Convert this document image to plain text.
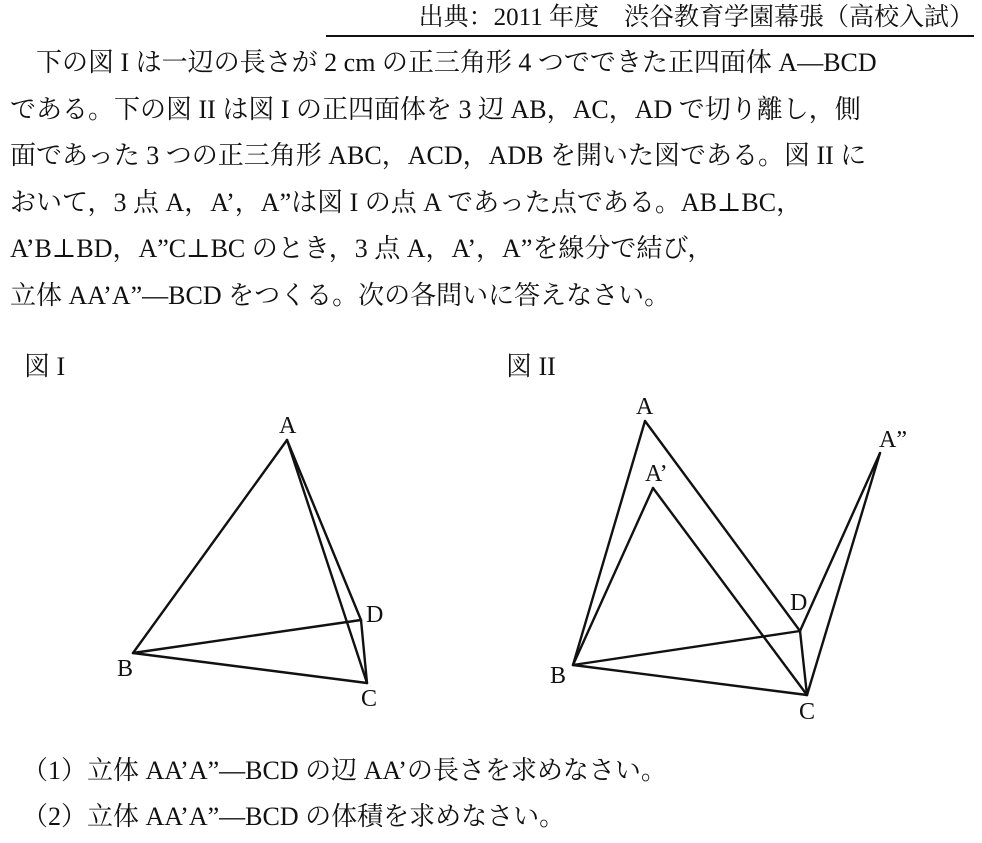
出典：2011 年度　渋谷教育学園幕張（高校入試）
　下の図 I は一辺の長さが 2 cm の正三角形 4 つでできた正四面体 A―BCD
である。下の図 II は図 I の正四面体を 3 辺 AB，AC，AD で切り離し，側
面であった 3 つの正三角形 ABC，ACD，ADB を開いた図である。図 II に
おいて，3 点 A，A’，A”は図 I の点 A であった点である。AB⊥BC，
A’B⊥BD，A”C⊥BC のとき，3 点 A，A’，A”を線分で結び，
立体 AA’A”―BCD をつくる。次の各問いに答えなさい。
図 I	図 II
A
B
C
D
A
A’
A”
B
C
D
（1）立体 AA’A”―BCD の辺 AA’の長さを求めなさい。
（2）立体 AA’A”―BCD の体積を求めなさい。
